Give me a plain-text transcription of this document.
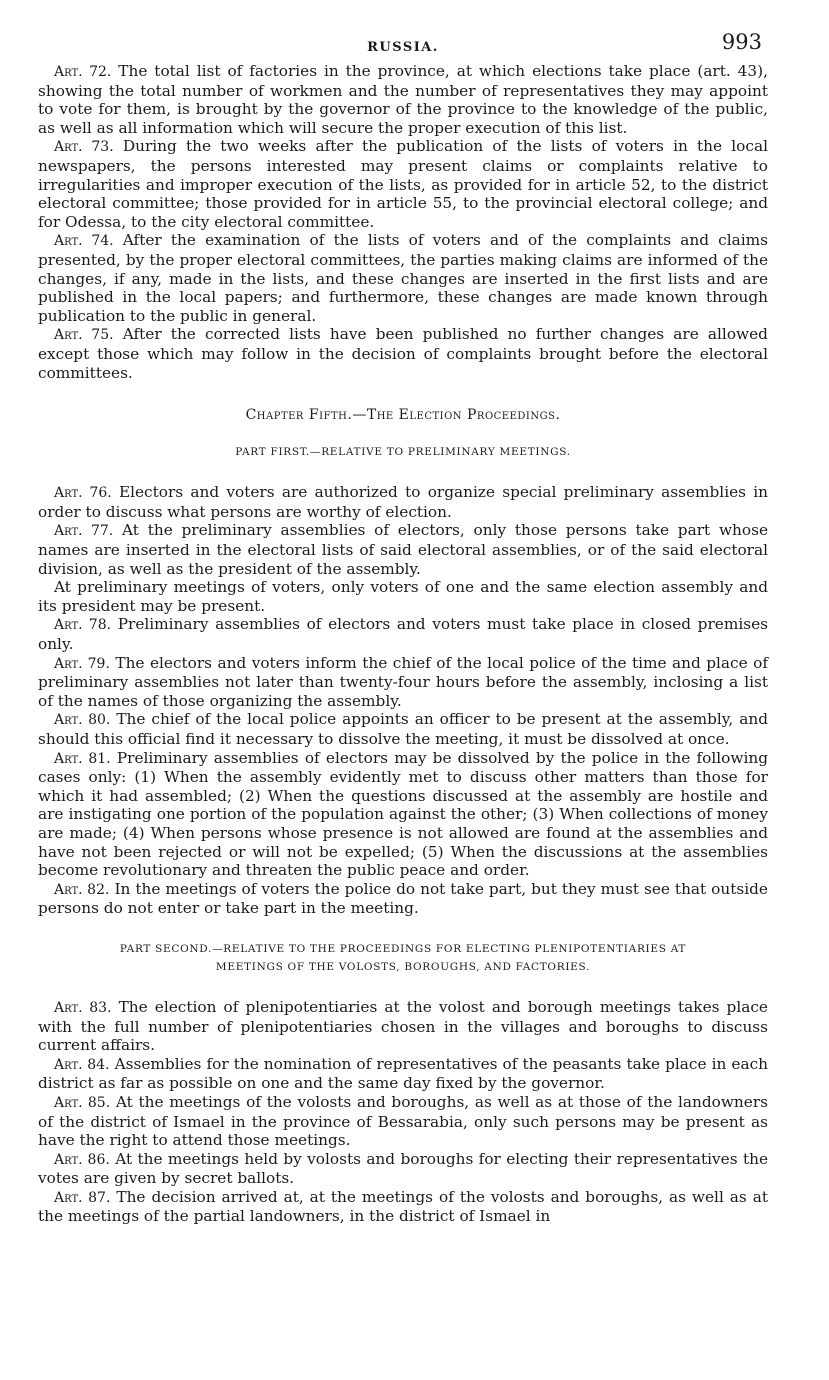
RUSSIA.	993

Art. 72. The total list of factories in the province, at which elections take place (art. 43), showing the total number of workmen and the number of representatives they may appoint to vote for them, is brought by the governor of the province to the knowledge of the public, as well as all information which will secure the proper execution of this list.

Art. 73. During the two weeks after the publication of the lists of voters in the local newspapers, the persons interested may present claims or complaints relative to irregularities and improper execution of the lists, as provided for in article 52, to the district electoral committee; those provided for in article 55, to the provincial electoral college; and for Odessa, to the city electoral committee.

Art. 74. After the examination of the lists of voters and of the complaints and claims presented, by the proper electoral committees, the parties making claims are informed of the changes, if any, made in the lists, and these changes are inserted in the first lists and are published in the local papers; and furthermore, these changes are made known through publication to the public in general.

Art. 75. After the corrected lists have been published no further changes are allowed except those which may follow in the decision of complaints brought before the electoral committees.

Chapter Fifth.—The Election Proceedings.
PART FIRST.—RELATIVE TO PRELIMINARY MEETINGS.

Art. 76. Electors and voters are authorized to organize special preliminary assemblies in order to discuss what persons are worthy of election.

Art. 77. At the preliminary assemblies of electors, only those persons take part whose names are inserted in the electoral lists of said electoral assemblies, or of the said electoral division, as well as the president of the assembly.

At preliminary meetings of voters, only voters of one and the same election assembly and its president may be present.

Art. 78. Preliminary assemblies of electors and voters must take place in closed premises only.

Art. 79. The electors and voters inform the chief of the local police of the time and place of preliminary assemblies not later than twenty-four hours before the assembly, inclosing a list of the names of those organizing the assembly.

Art. 80. The chief of the local police appoints an officer to be present at the assembly, and should this official find it necessary to dissolve the meeting, it must be dissolved at once.

Art. 81. Preliminary assemblies of electors may be dissolved by the police in the following cases only: (1) When the assembly evidently met to discuss other matters than those for which it had assembled; (2) When the questions discussed at the assembly are hostile and are instigating one portion of the population against the other; (3) When collections of money are made; (4) When persons whose presence is not allowed are found at the assemblies and have not been rejected or will not be expelled; (5) When the discussions at the assemblies become revolutionary and threaten the public peace and order.

Art. 82. In the meetings of voters the police do not take part, but they must see that outside persons do not enter or take part in the meeting.

PART SECOND.—RELATIVE TO THE PROCEEDINGS FOR ELECTING PLENIPOTENTIARIES AT
MEETINGS OF THE VOLOSTS, BOROUGHS, AND FACTORIES.

Art. 83. The election of plenipotentiaries at the volost and borough meetings takes place with the full number of plenipotentiaries chosen in the villages and boroughs to discuss current affairs.

Art. 84. Assemblies for the nomination of representatives of the peasants take place in each district as far as possible on one and the same day fixed by the governor.

Art. 85. At the meetings of the volosts and boroughs, as well as at those of the landowners of the district of Ismael in the province of Bessarabia, only such persons may be present as have the right to attend those meetings.

Art. 86. At the meetings held by volosts and boroughs for electing their representatives the votes are given by secret ballots.

Art. 87. The decision arrived at, at the meetings of the volosts and boroughs, as well as at the meetings of the partial landowners, in the district of Ismael in
